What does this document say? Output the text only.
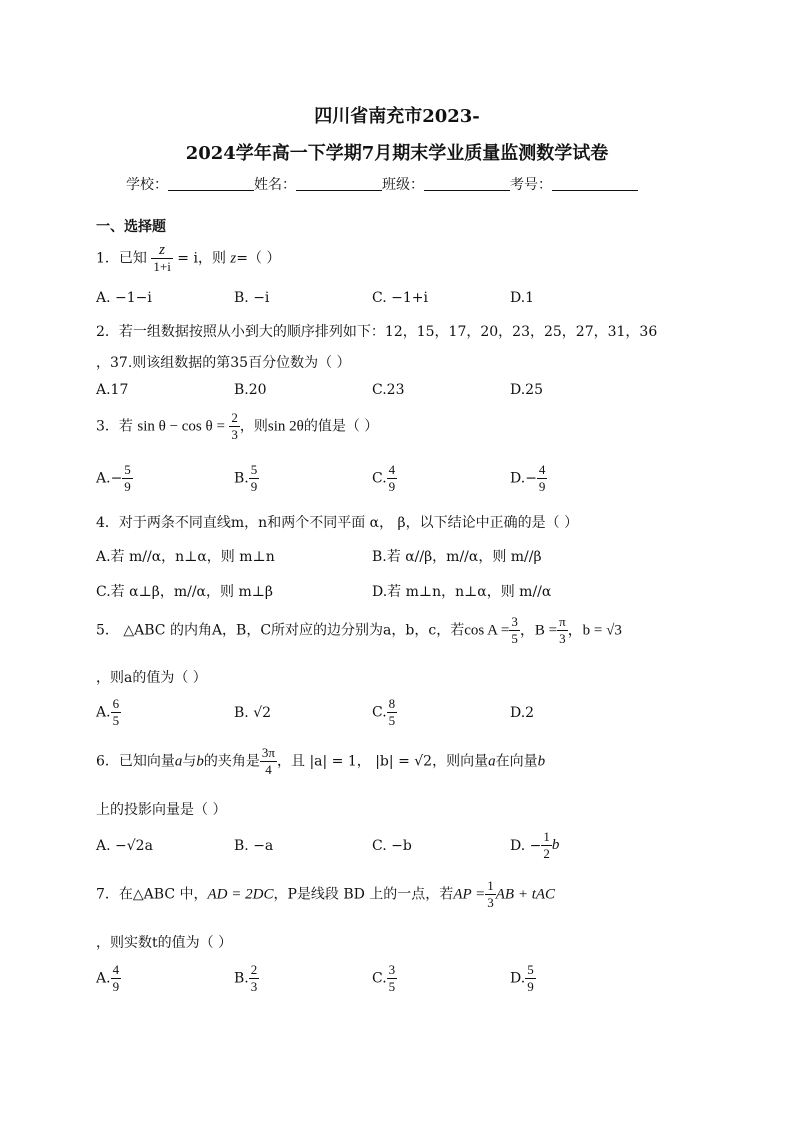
四川省南充市2023-
2024学年高一下学期7月期末学业质量监测数学试卷
学校：	姓名：	班级：	考号：
一、选择题
1．已知 $\frac{z}{1+i} = i$，则 z=（ ）
A. −1−i	B. −i	C. −1+i	D.1
2．若一组数据按照从小到大的顺序排列如下：12，15，17，20，23，25，27，31，36
，37.则该组数据的第35百分位数为（ ）
A.17	B.20	C.23	D.25
3．若 $\sin \theta - \cos \theta = \frac{2}{3}$ ，则sin 2θ的值是（ ）
$A.- \frac{5}{9}$	B. $\frac{5}{9}$	C. $\frac{4}{9}$	$D.- \frac{4}{9}$
4．对于两条不同直线m，n和两个不同平面 α， β，以下结论中正确的是（ ）
A.若 m//α，n⊥α，则 m⊥n	B.若 α//β，m//α，则 m//β
C.若 α⊥β，m//α，则 m⊥β	D.若 m⊥n，n⊥α，则 m//α
5． △ABC 的内角A，B，C所对应的边分别为a，b，c，若$\cos A = \frac{3}{5}$ ，$B = \frac{\pi}{3}$ ，b = √3
，则a的值为（ ）
A. $\frac{6}{5}$	B. √2	C. $\frac{8}{5}$	D.2
6．已知向量a与b的夹角是 $\frac{3\pi}{4}$ ，且 |a| = 1， |b| = √2，则向量a在向量b
上的投影向量是（ ）
A. −√2a	B. −a	C. −b	D. − $\frac{1}{2}$ b
7．在△ABC 中，AD = 2DC，P是线段 BD 上的一点，若AP = $\frac{1}{3}$ AB + tAC
，则实数t的值为（ ）
A. $\frac{4}{9}$	B. $\frac{2}{3}$	C. $\frac{3}{5}$	D. $\frac{5}{9}$
